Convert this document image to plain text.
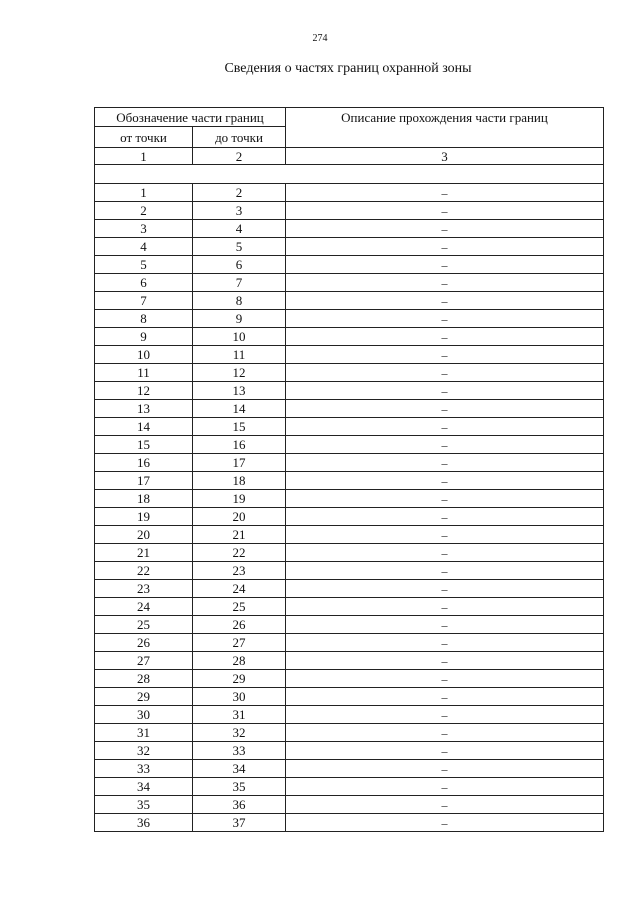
274
Сведения о частях границ охранной зоны
Обозначение части границ		Описание прохождения части границ
от точки	до точки	
1	2	3

1	2	–
2	3	–
3	4	–
4	5	–
5	6	–
6	7	–
7	8	–
8	9	–
9	10	–
10	11	–
11	12	–
12	13	–
13	14	–
14	15	–
15	16	–
16	17	–
17	18	–
18	19	–
19	20	–
20	21	–
21	22	–
22	23	–
23	24	–
24	25	–
25	26	–
26	27	–
27	28	–
28	29	–
29	30	–
30	31	–
31	32	–
32	33	–
33	34	–
34	35	–
35	36	–
36	37	–
